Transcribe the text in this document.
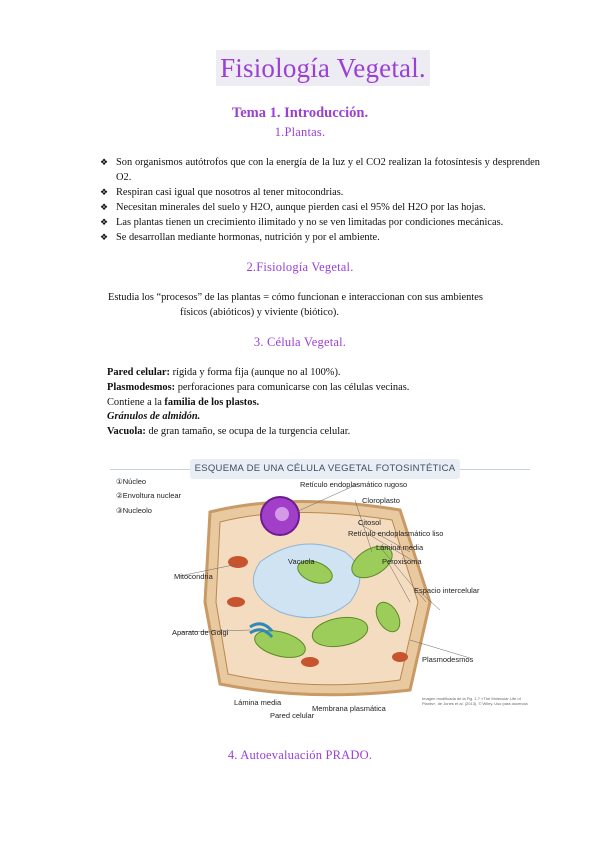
Fisiología Vegetal.
Tema 1. Introducción.
1.Plantas.
❖ Son organismos autótrofos que con la energía de la luz y el CO2 realizan la fotosíntesis y desprenden O2.
❖ Respiran casi igual que nosotros al tener mitocondrias.
❖ Necesitan minerales del suelo y H2O, aunque pierden casi el 95% del H2O por las hojas.
❖ Las plantas tienen un crecimiento ilimitado y no se ven limitadas por condiciones mecánicas.
❖ Se desarrollan mediante hormonas, nutrición y por el ambiente.
2.Fisiología Vegetal.
Estudia los “procesos” de las plantas = cómo funcionan e interaccionan con sus ambientes
físicos (abióticos) y viviente (biótico).
3. Célula Vegetal.
Pared celular: rígida y forma fija (aunque no al 100%).
Plasmodesmos: perforaciones para comunicarse con las células vecinas.
Contiene a la familia de los plastos.
Gránulos de almidón.
Vacuola: de gran tamaño, se ocupa de la turgencia celular.
ESQUEMA DE UNA CÉLULA VEGETAL FOTOSINTÉTICA
①Núcleo
②Envoltura nuclear
③Nucleolo
Retículo endoplasmático rugoso
Cloroplasto
Citosol
Retículo endoplasmático liso
Lámina media
Peroxisoma
Espacio intercelular
Vacuola
Mitocondria
Aparato de Golgi
Plasmodesmos
Lámina media
Membrana plasmática
Pared celular
Imagen modificada de la Fig. 1.7 «The Molecular Life of Plants», de Jones et al. (2013). © Wiley. Uso para docencia
4. Autoevaluación PRADO.
